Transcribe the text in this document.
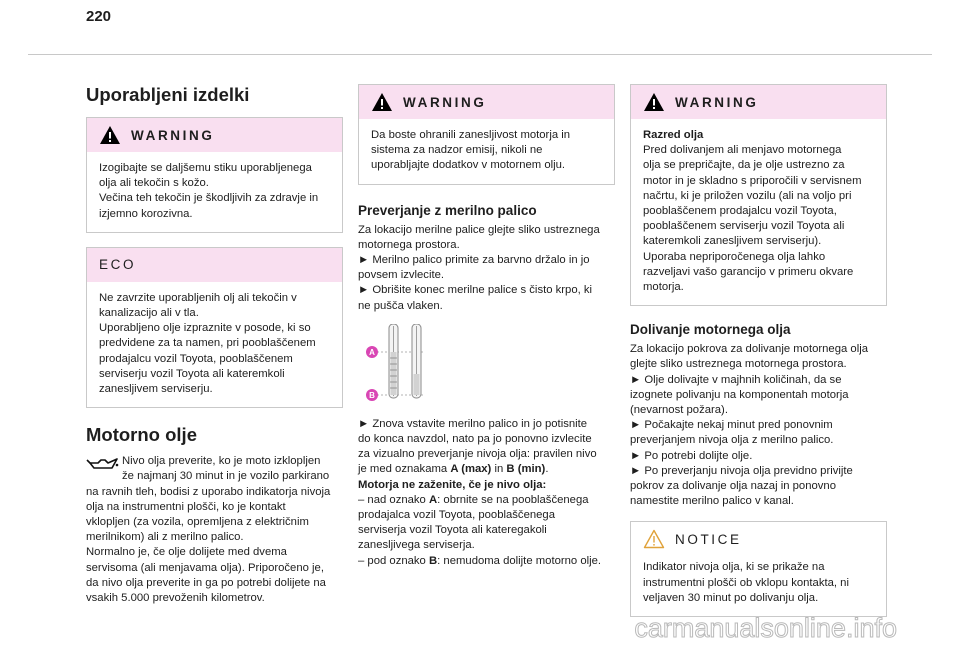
220
Uporabljeni izdelki
WARNING

Izogibajte se daljšemu stiku uporabljenega

olja ali tekočin s kožo.

Večina teh tekočin je škodljivih za zdravje in

izjemno korozivna.

ECO

Ne zavrzite uporabljenih olj ali tekočin v

kanalizacijo ali v tla.

Uporabljeno olje izpraznite v posode, ki so

predvidene za ta namen, pri pooblaščenem

prodajalcu vozil Toyota, pooblaščenem

serviserju vozil Toyota ali kateremkoli

zanesljivem serviserju.

Motorno olje

Nivo olja preverite, ko je moto izklopljen

že najmanj 30 minut in je vozilo parkirano

na ravnih tleh, bodisi z uporabo indikatorja nivoja

olja na instrumentni plošči, ko je kontakt

vklopljen (za vozila, opremljena z električnim

merilnikom) ali z merilno palico.

Normalno je, če olje dolijete med dvema

servisoma (ali menjavama olja). Priporočeno je,

da nivo olja preverite in ga po potrebi dolijete na

vsakih 5.000 prevoženih kilometrov.

WARNING

Da boste ohranili zanesljivost motorja in

sistema za nadzor emisij, nikoli ne

uporabljajte dodatkov v motornem olju.

Preverjanje z merilno palico

Za lokacijo merilne palice glejte sliko ustreznega

motornega prostora.

► Merilno palico primite za barvno držalo in jo

povsem izvlecite.

► Obrišite konec merilne palice s čisto krpo, ki

ne pušča vlaken.

A
B

► Znova vstavite merilno palico in jo potisnite

do konca navzdol, nato pa jo ponovno izvlecite

za vizualno preverjanje nivoja olja: pravilen nivo

je med oznakama A (max) in B (min).

Motorja ne zaženite, če je nivo olja:

– nad oznako A: obrnite se na pooblaščenega

prodajalca vozil Toyota, pooblaščenega

serviserja vozil Toyota ali kateregakoli

zanesljivega serviserja.

– pod oznako B: nemudoma dolijte motorno olje.

WARNING

Razred olja

Pred dolivanjem ali menjavo motornega

olja se prepričajte, da je olje ustrezno za

motor in je skladno s priporočili v servisnem

načrtu, ki je priložen vozilu (ali na voljo pri

pooblaščenem prodajalcu vozil Toyota,

pooblaščenem serviserju vozil Toyota ali

kateremkoli zanesljivem serviserju).

Uporaba nepriporočenega olja lahko

razveljavi vašo garancijo v primeru okvare

motorja.

Dolivanje motornega olja

Za lokacijo pokrova za dolivanje motornega olja

glejte sliko ustreznega motornega prostora.

► Olje dolivajte v majhnih količinah, da se

izognete polivanju na komponentah motorja

(nevarnost požara).

► Počakajte nekaj minut pred ponovnim

preverjanjem nivoja olja z merilno palico.

► Po potrebi dolijte olje.

► Po preverjanju nivoja olja previdno privijte

pokrov za dolivanje olja nazaj in ponovno

namestite merilno palico v kanal.

NOTICE

Indikator nivoja olja, ki se prikaže na

instrumentni plošči ob vklopu kontakta, ni

veljaven 30 minut po dolivanju olja.

carmanualsonline.info
